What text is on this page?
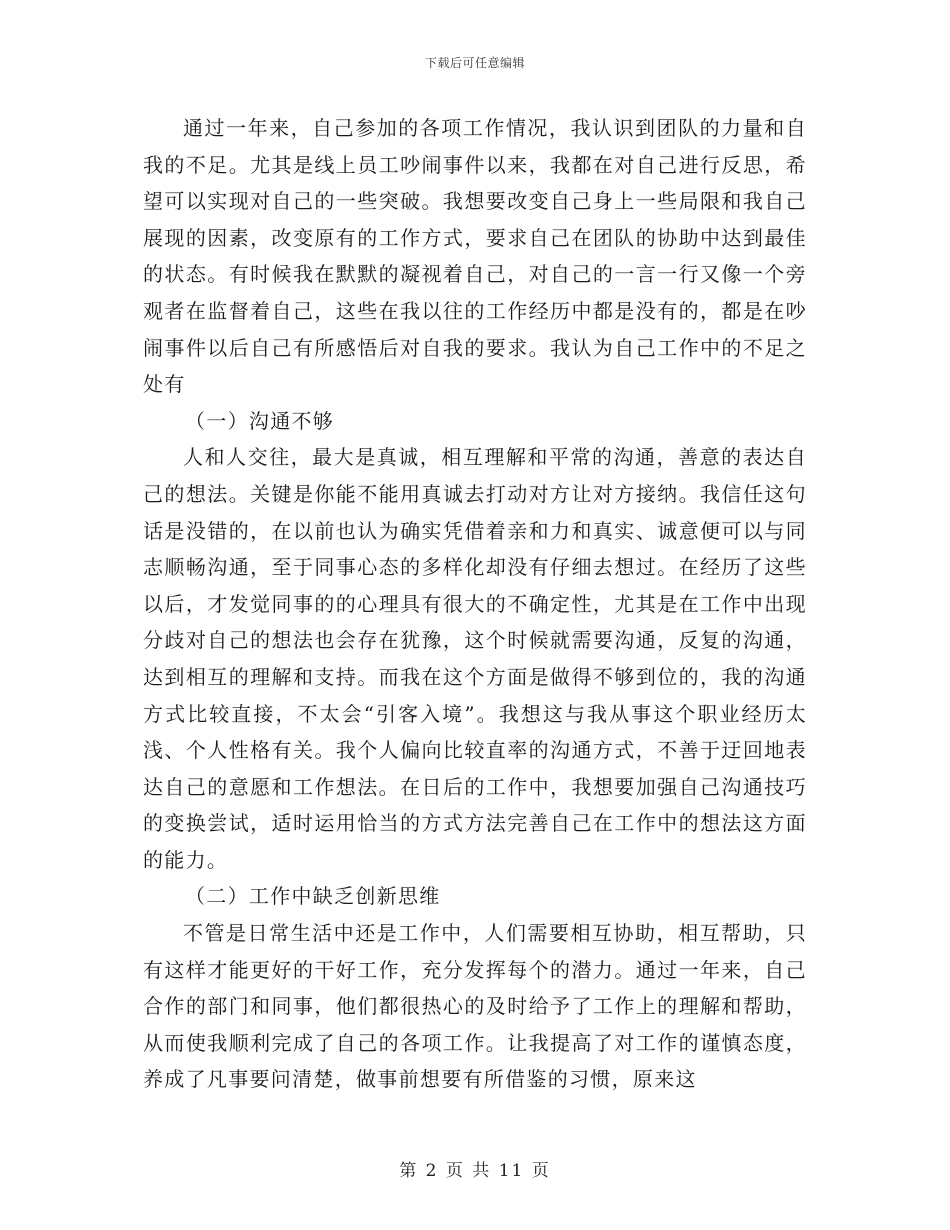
下载后可任意编辑

通过一年来，自己参加的各项工作情况，我认识到团队的力量和自我的不足。尤其是线上员工吵闹事件以来，我都在对自己进行反思，希望可以实现对自己的一些突破。我想要改变自己身上一些局限和我自己展现的因素，改变原有的工作方式，要求自己在团队的协助中达到最佳的状态。有时候我在默默的凝视着自己，对自己的一言一行又像一个旁观者在监督着自己，这些在我以往的工作经历中都是没有的，都是在吵闹事件以后自己有所感悟后对自我的要求。我认为自己工作中的不足之处有

（一）沟通不够

人和人交往，最大是真诚，相互理解和平常的沟通，善意的表达自己的想法。关键是你能不能用真诚去打动对方让对方接纳。我信任这句话是没错的，在以前也认为确实凭借着亲和力和真实、诚意便可以与同志顺畅沟通，至于同事心态的多样化却没有仔细去想过。在经历了这些以后，才发觉同事的的心理具有很大的不确定性，尤其是在工作中出现分歧对自己的想法也会存在犹豫，这个时候就需要沟通，反复的沟通，达到相互的理解和支持。而我在这个方面是做得不够到位的，我的沟通方式比较直接，不太会“引客入境”。我想这与我从事这个职业经历太浅、个人性格有关。我个人偏向比较直率的沟通方式，不善于迂回地表达自己的意愿和工作想法。在日后的工作中，我想要加强自己沟通技巧的变换尝试，适时运用恰当的方式方法完善自己在工作中的想法这方面的能力。

（二）工作中缺乏创新思维

不管是日常生活中还是工作中，人们需要相互协助，相互帮助，只有这样才能更好的干好工作，充分发挥每个的潜力。通过一年来，自己合作的部门和同事，他们都很热心的及时给予了工作上的理解和帮助，从而使我顺利完成了自己的各项工作。让我提高了对工作的谨慎态度，养成了凡事要问清楚，做事前想要有所借鉴的习惯，原来这

第 2 页 共 11 页
